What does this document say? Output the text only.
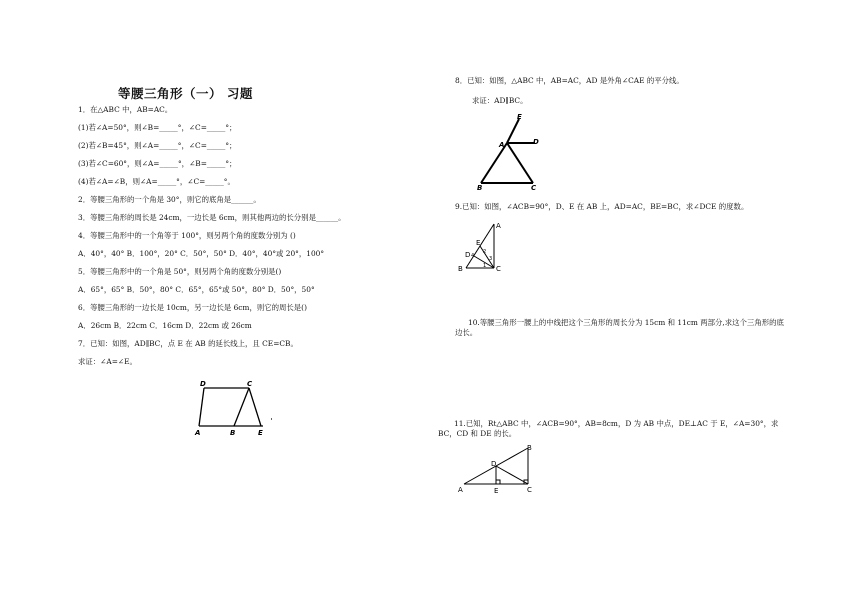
等腰三角形（一） 习题
1．在△ABC 中，AB=AC。
(1)若∠A=50°，则∠B=_____°，∠C=_____°；
(2)若∠B=45°，则∠A=_____°，∠C=_____°；
(3)若∠C=60°，则∠A=_____°，∠B=_____°；
(4)若∠A=∠B，则∠A=_____°，∠C=_____°。
2．等腰三角形的一个角是 30°，则它的底角是______。
3．等腰三角形的周长是 24cm，一边长是 6cm，则其他两边的长分别是______。
4．等腰三角形中的一个角等于 100°，则另两个角的度数分别为 ()
A．40°，40° B．100°，20° C．50°，50° D．40°，40°或 20°，100°
5．等腰三角形中的一个角是 50°，则另两个角的度数分别是()
A．65°，65° B．50°，80° C．65°，65°或 50°，80° D．50°，50°
6．等腰三角形的一边长是 10cm，另一边长是 6cm，则它的周长是()
A．26cm B．22cm C．16cm D．22cm 或 26cm
7．已知：如图，AD∥BC，点 E 在 AB 的延长线上，且 CE=CB。
求证：∠A=∠E。
D	C
A	B	E
8．已知：如图，△ABC 中，AB=AC，AD 是外角∠CAE 的平分线。
求证：AD∥BC。
E
D
A
B	C
9.已知：如图，∠ACB=90°，D、E 在 AB 上，AD=AC，BE=BC，求∠DCE 的度数。
A
E
D
B	C
1
2
3
4
10.等腰三角形一腰上的中线把这个三角形的周长分为 15cm 和 11cm 两部分,求这个三角形的底边长。
11.已知，Rt△ABC 中，∠ACB=90°，AB=8cm，D 为 AB 中点，DE⊥AC 于 E，∠A=30°，求 BC，CD 和 DE 的长。
A
B
C
D
E
